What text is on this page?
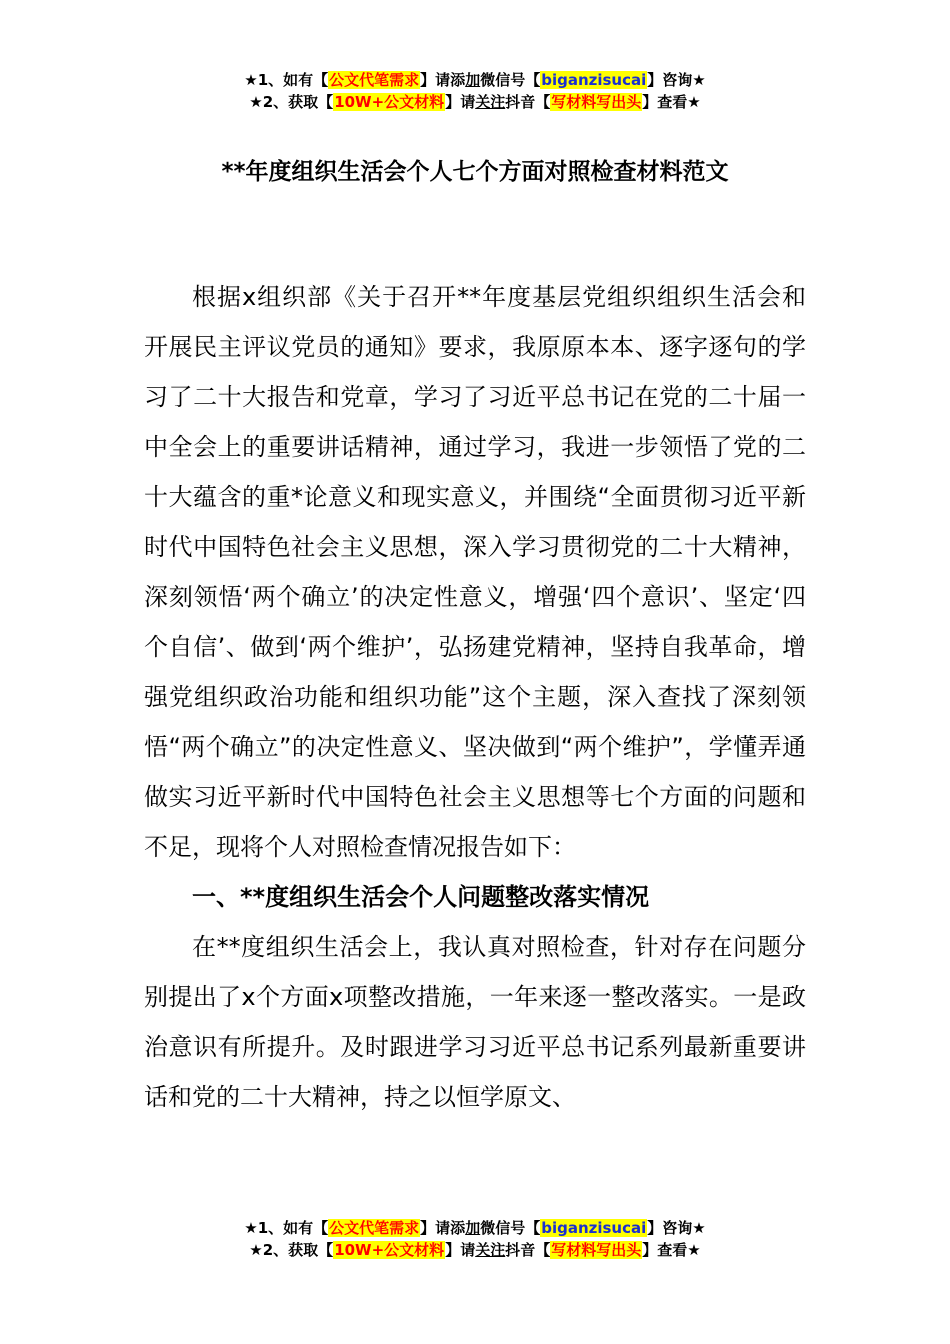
★1、如有【公文代笔需求】请添加微信号【biganzisucai】咨询★
★2、获取【10W+公文材料】请关注抖音【写材料写出头】查看★
**年度组织生活会个人七个方面对照检查材料范文

根据x组织部《关于召开**年度基层党组织组织生活会和开展民主评议党员的通知》要求，我原原本本、逐字逐句的学习了二十大报告和党章，学习了习近平总书记在党的二十届一中全会上的重要讲话精神，通过学习，我进一步领悟了党的二十大蕴含的重*论意义和现实意义，并围绕“全面贯彻习近平新时代中国特色社会主义思想，深入学习贯彻党的二十大精神，深刻领悟‘两个确立’的决定性意义，增强‘四个意识’、坚定‘四个自信’、做到‘两个维护’，弘扬建党精神，坚持自我革命，增强党组织政治功能和组织功能”这个主题，深入查找了深刻领悟“两个确立”的决定性意义、坚决做到“两个维护”，学懂弄通做实习近平新时代中国特色社会主义思想等七个方面的问题和不足，现将个人对照检查情况报告如下：

一、**度组织生活会个人问题整改落实情况

在**度组织生活会上，我认真对照检查，针对存在问题分别提出了x个方面x项整改措施，一年来逐一整改落实。一是政治意识有所提升。及时跟进学习习近平总书记系列最新重要讲话和党的二十大精神，持之以恒学原文、

★1、如有【公文代笔需求】请添加微信号【biganzisucai】咨询★
★2、获取【10W+公文材料】请关注抖音【写材料写出头】查看★
